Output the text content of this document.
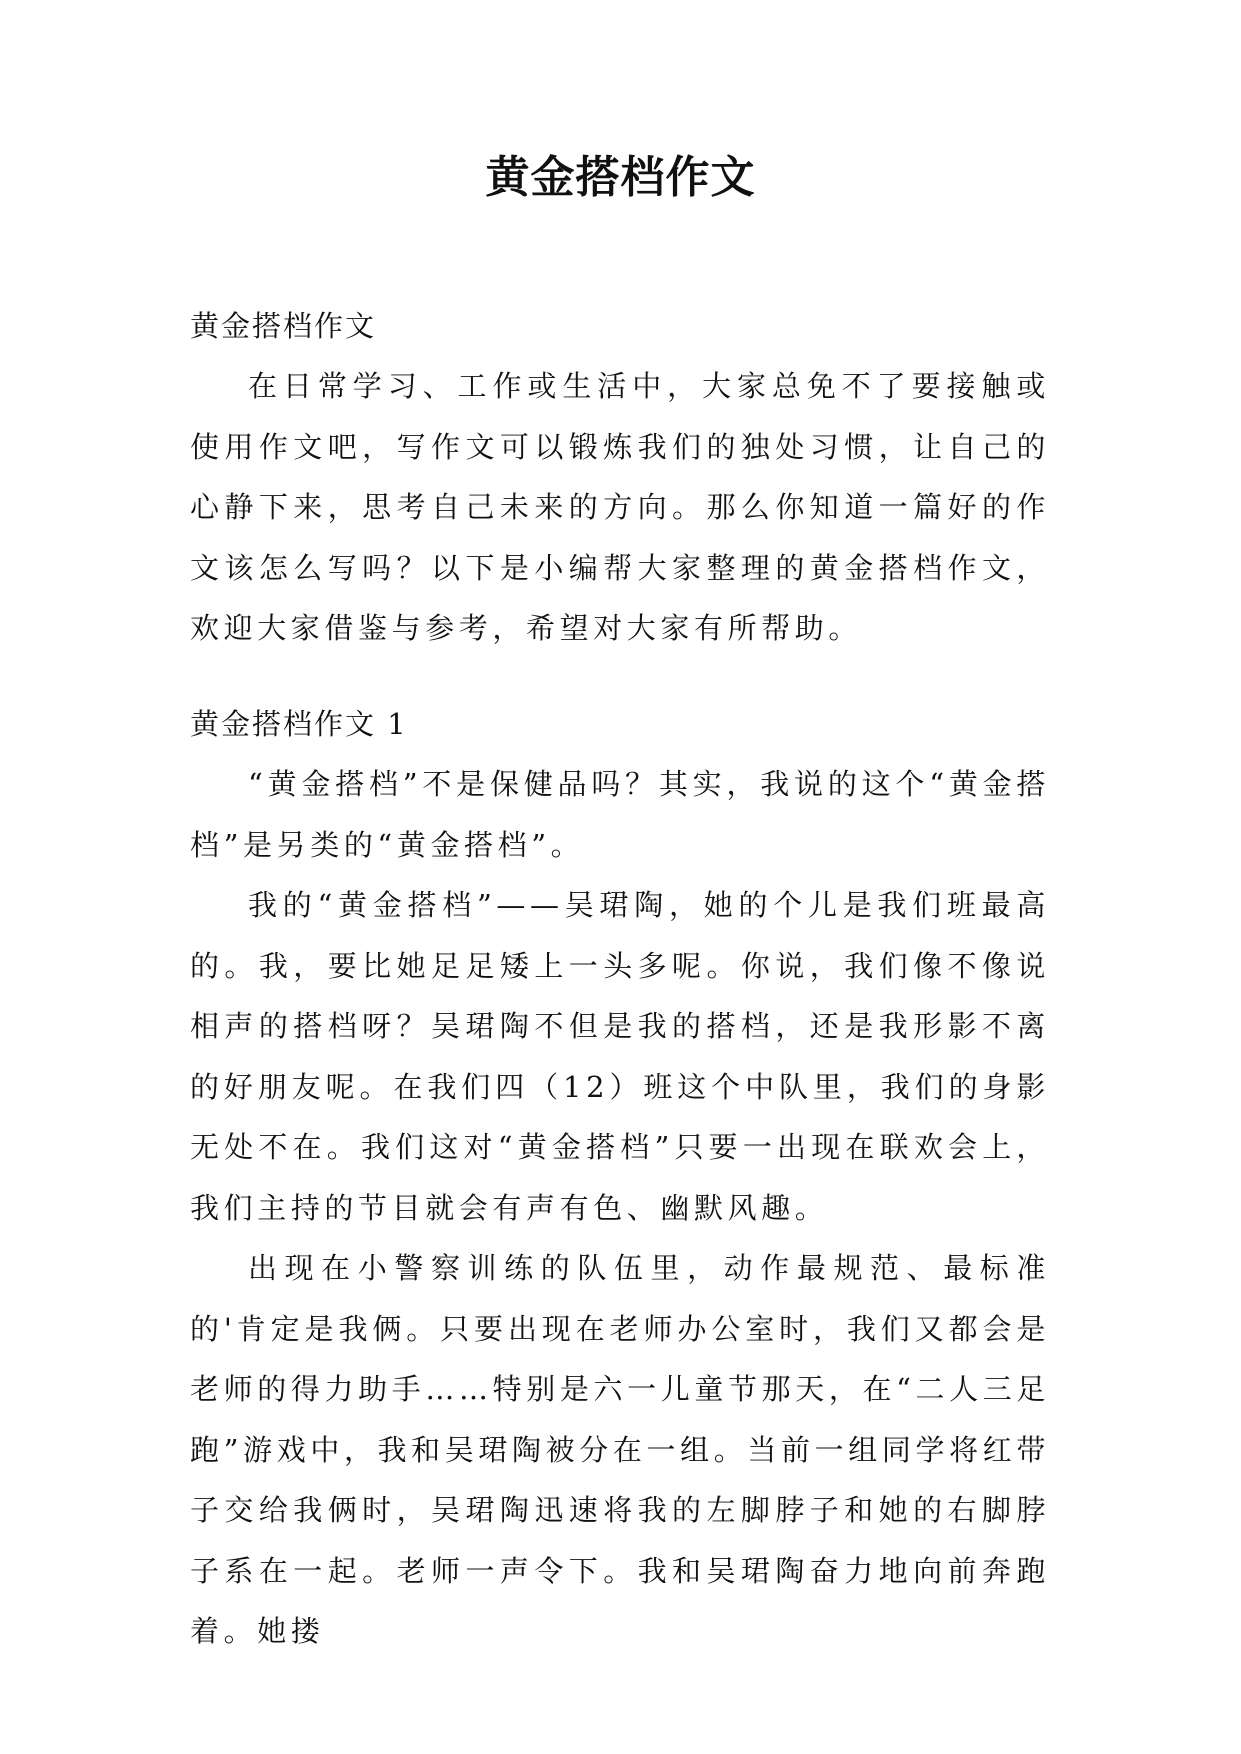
黄金搭档作文

黄金搭档作文

在日常学习、工作或生活中，大家总免不了要接触或使用作文吧，写作文可以锻炼我们的独处习惯，让自己的心静下来，思考自己未来的方向。那么你知道一篇好的作文该怎么写吗？以下是小编帮大家整理的黄金搭档作文，欢迎大家借鉴与参考，希望对大家有所帮助。

黄金搭档作文 1

“黄金搭档”不是保健品吗？其实，我说的这个“黄金搭档”是另类的“黄金搭档”。

我的“黄金搭档”——吴珺陶，她的个儿是我们班最高的。我，要比她足足矮上一头多呢。你说，我们像不像说相声的搭档呀？吴珺陶不但是我的搭档，还是我形影不离的好朋友呢。在我们四（12）班这个中队里，我们的身影无处不在。我们这对“黄金搭档”只要一出现在联欢会上，我们主持的节目就会有声有色、幽默风趣。

出现在小警察训练的队伍里，动作最规范、最标准的'肯定是我俩。只要出现在老师办公室时，我们又都会是老师的得力助手……特别是六一儿童节那天，在“二人三足跑”游戏中，我和吴珺陶被分在一组。当前一组同学将红带子交给我俩时，吴珺陶迅速将我的左脚脖子和她的右脚脖子系在一起。老师一声令下。我和吴珺陶奋力地向前奔跑着。她搂
